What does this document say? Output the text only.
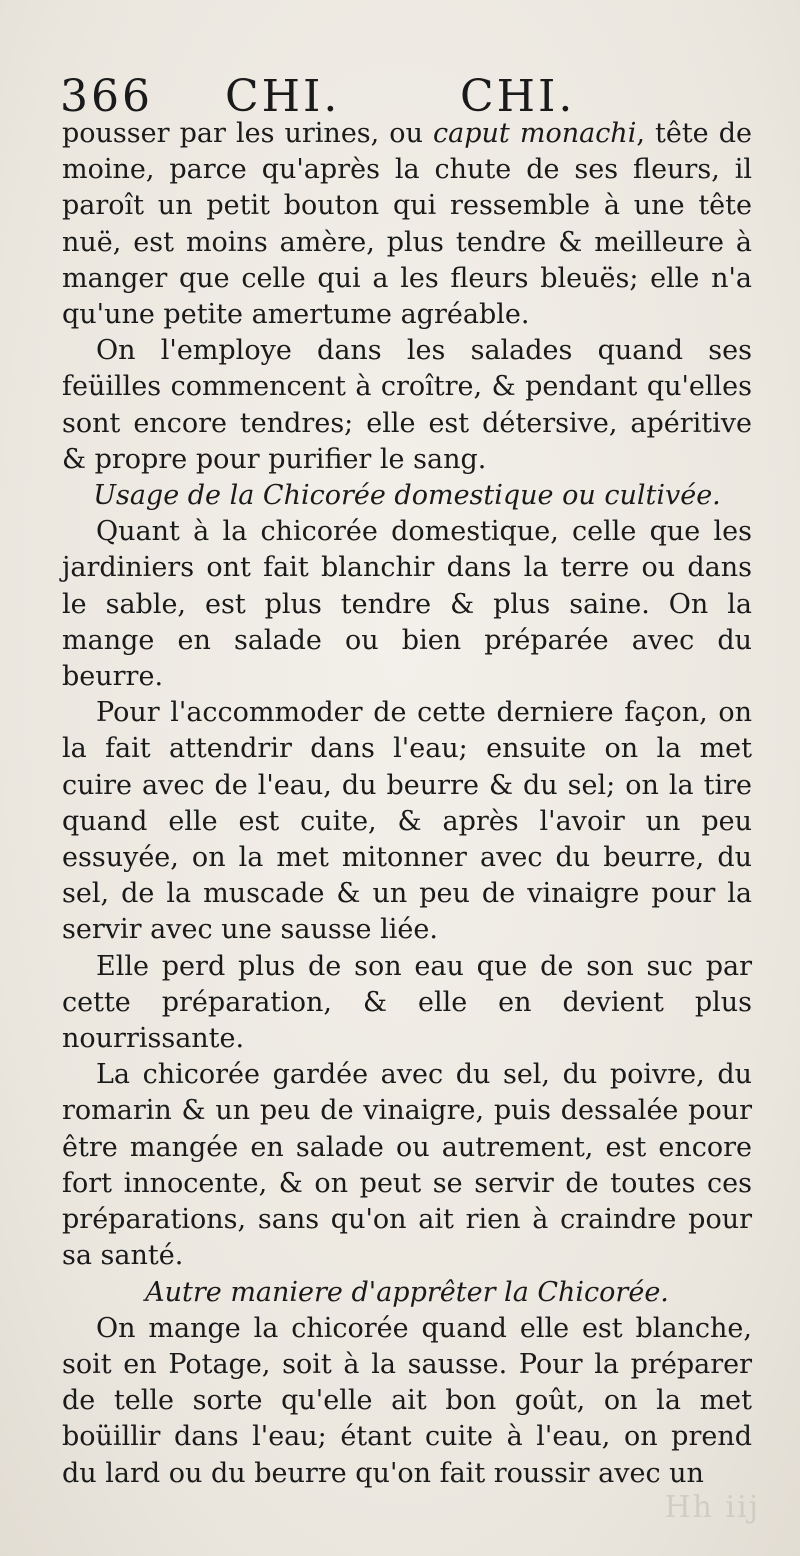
Hh iij
366 CHI.	CHI.

pousser par les urines, ou caput monachi, tête de moine, parce qu'après la chute de ses fleurs, il paroît un petit bouton qui ressemble à une tête nuë, est moins amère, plus tendre & meilleure à manger que celle qui a les fleurs bleuës; elle n'a qu'une petite amertume agréable.

On l'employe dans les salades quand ses feüilles commencent à croître, & pendant qu'elles sont encore tendres; elle est détersive, apéritive & propre pour purifier le sang.

Usage de la Chicorée domestique ou cultivée.

Quant à la chicorée domestique, celle que les jardiniers ont fait blanchir dans la terre ou dans le sable, est plus tendre & plus saine. On la mange en salade ou bien préparée avec du beurre.

Pour l'accommoder de cette derniere façon, on la fait attendrir dans l'eau; ensuite on la met cuire avec de l'eau, du beurre & du sel; on la tire quand elle est cuite, & après l'avoir un peu essuyée, on la met mitonner avec du beurre, du sel, de la muscade & un peu de vinaigre pour la servir avec une sausse liée.

Elle perd plus de son eau que de son suc par cette préparation, & elle en devient plus nourrissante.

La chicorée gardée avec du sel, du poivre, du romarin & un peu de vinaigre, puis dessalée pour être mangée en salade ou autrement, est encore fort innocente, & on peut se servir de toutes ces préparations, sans qu'on ait rien à craindre pour sa santé.

Autre maniere d'apprêter la Chicorée.

On mange la chicorée quand elle est blanche, soit en Potage, soit à la sausse. Pour la préparer de telle sorte qu'elle ait bon goût, on la met boüillir dans l'eau; étant cuite à l'eau, on prend du lard ou du beurre qu'on fait roussir avec un
